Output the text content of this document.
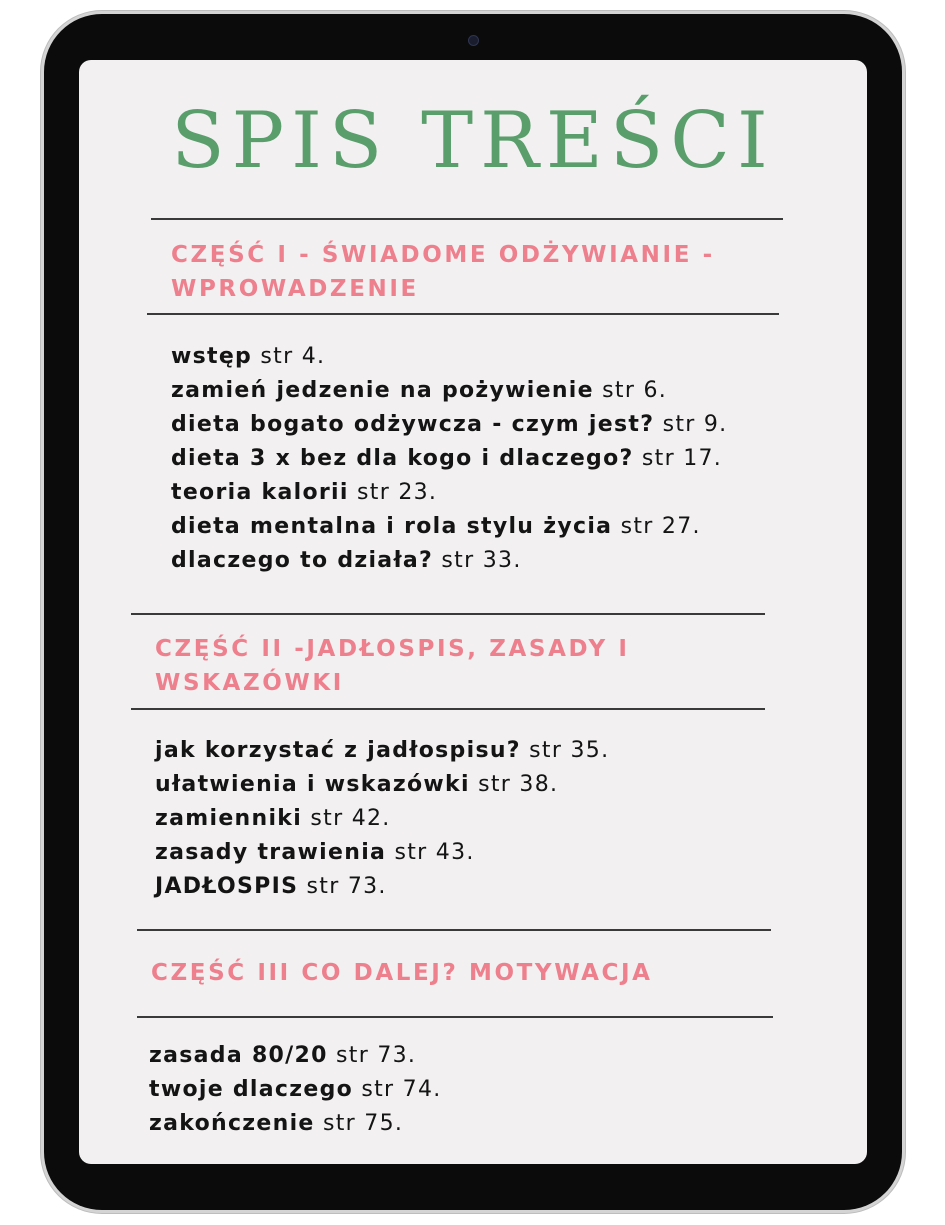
SPIS TREŚCI
CZĘŚĆ I - ŚWIADOME ODŻYWIANIE -
WPROWADZENIE
wstęp str 4.
zamień jedzenie na pożywienie str 6.
dieta bogato odżywcza - czym jest? str 9.
dieta 3 x bez dla kogo i dlaczego? str 17.
teoria kalorii str 23.
dieta mentalna i rola stylu życia str 27.
dlaczego to działa? str 33.
CZĘŚĆ II -JADŁOSPIS, ZASADY I
WSKAZÓWKI
jak korzystać z jadłospisu? str 35.
ułatwienia i wskazówki str 38.
zamienniki str 42.
zasady trawienia str 43.
JADŁOSPIS str 73.
CZĘŚĆ III CO DALEJ? MOTYWACJA
zasada 80/20 str 73.
twoje dlaczego str 74.
zakończenie str 75.
